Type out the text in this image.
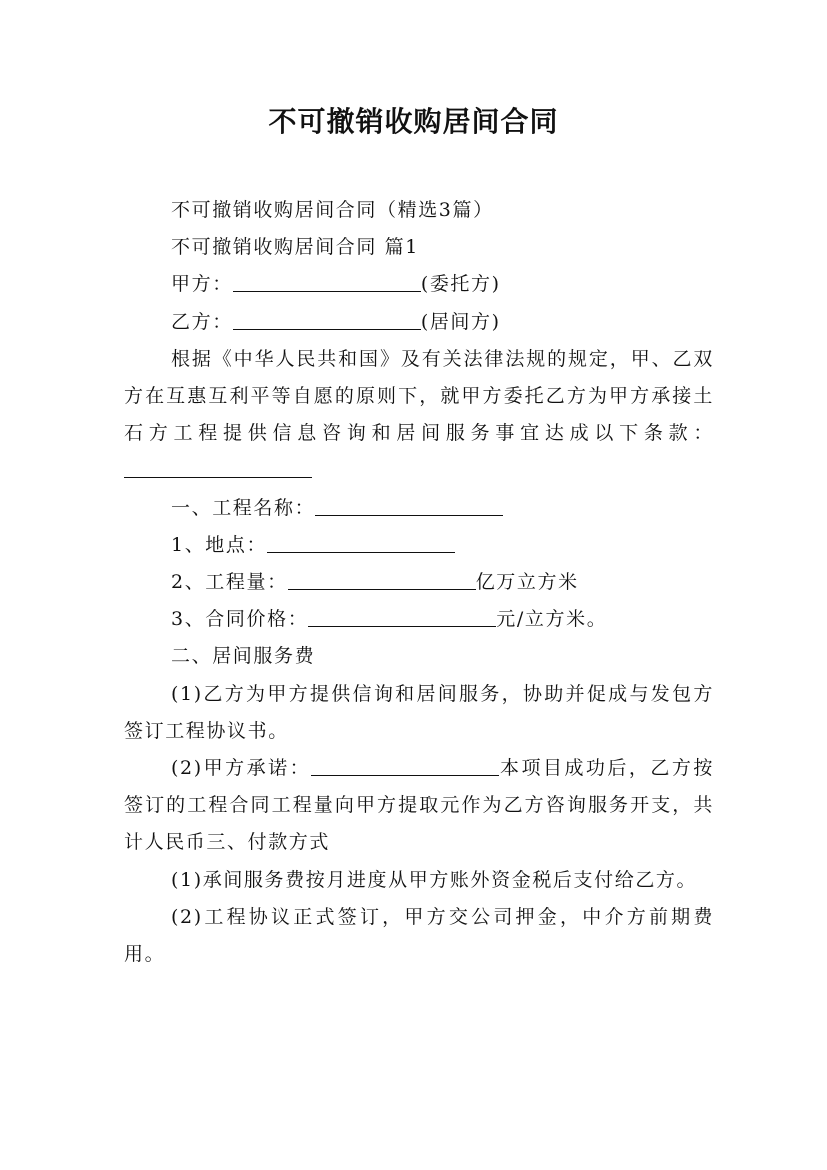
不可撤销收购居间合同

不可撤销收购居间合同（精选3篇）

不可撤销收购居间合同 篇1

甲方：	(委托方)

乙方：	(居间方)

根据《中华人民共和国》及有关法律法规的规定，甲、乙双方在互惠互利平等自愿的原则下，就甲方委托乙方为甲方承接土石方工程提供信息咨询和居间服务事宜达成以下条款：

一、工程名称：

1、地点：

2、工程量：	亿万立方米

3、合同价格：	元/立方米。

二、居间服务费

(1)乙方为甲方提供信询和居间服务，协助并促成与发包方签订工程协议书。

(2)甲方承诺：	本项目成功后，乙方按签订的工程合同工程量向甲方提取元作为乙方咨询服务开支，共计人民币三、付款方式

(1)承间服务费按月进度从甲方账外资金税后支付给乙方。

(2)工程协议正式签订，甲方交公司押金，中介方前期费用。
